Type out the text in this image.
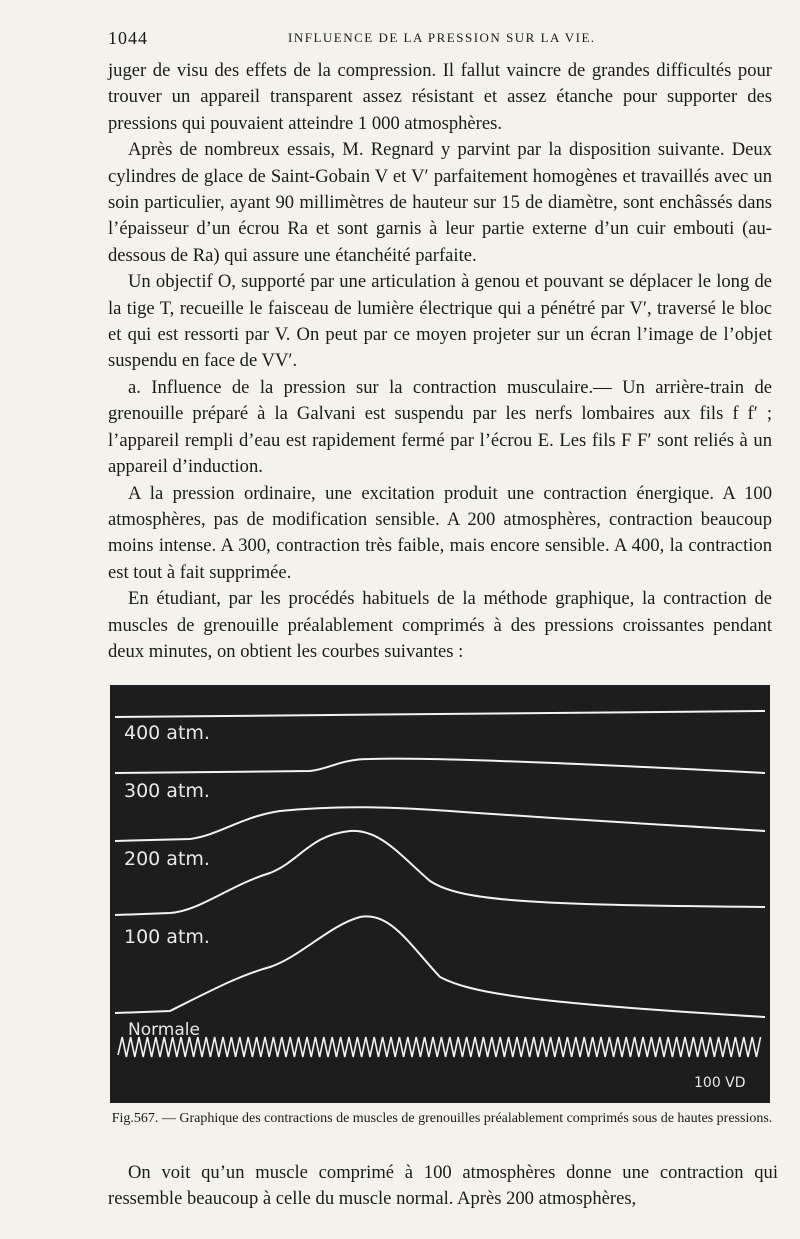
1044	INFLUENCE DE LA PRESSION SUR LA VIE.

juger de visu des effets de la compression. Il fallut vaincre de grandes difficultés pour trouver un appareil transparent assez résistant et assez étanche pour supporter des pressions qui pouvaient atteindre 1 000 atmosphères.

Après de nombreux essais, M. Regnard y parvint par la disposition suivante. Deux cylindres de glace de Saint-Gobain V et V′ parfaitement homogènes et travaillés avec un soin particulier, ayant 90 millimètres de hauteur sur 15 de diamètre, sont enchâssés dans l’épaisseur d’un écrou Ra et sont garnis à leur partie externe d’un cuir embouti (au-dessous de Ra) qui assure une étanchéité parfaite.

Un objectif O, supporté par une articulation à genou et pouvant se déplacer le long de la tige T, recueille le faisceau de lumière électrique qui a pénétré par V′, traversé le bloc et qui est ressorti par V. On peut par ce moyen projeter sur un écran l’image de l’objet suspendu en face de VV′.

a. Influence de la pression sur la contraction musculaire.— Un arrière-train de grenouille préparé à la Galvani est suspendu par les nerfs lombaires aux fils f f′ ; l’appareil rempli d’eau est rapidement fermé par l’écrou E. Les fils F F′ sont reliés à un appareil d’induction.

A la pression ordinaire, une excitation produit une contraction énergique. A 100 atmosphères, pas de modification sensible. A 200 atmosphères, contraction beaucoup moins intense. A 300, contraction très faible, mais encore sensible. A 400, la contraction est tout à fait supprimée.

En étudiant, par les procédés habituels de la méthode graphique, la contraction de muscles de grenouille préalablement comprimés à des pressions croissantes pendant deux minutes, on obtient les courbes suivantes :

400 atm.
300 atm.
200 atm.
100 atm.
Normale
100 VD
Fig.567. — Graphique des contractions de muscles de grenouilles préalablement comprimés sous de hautes pressions.

On voit qu’un muscle comprimé à 100 atmosphères donne une contraction qui ressemble beaucoup à celle du muscle normal. Après 200 atmosphères,
